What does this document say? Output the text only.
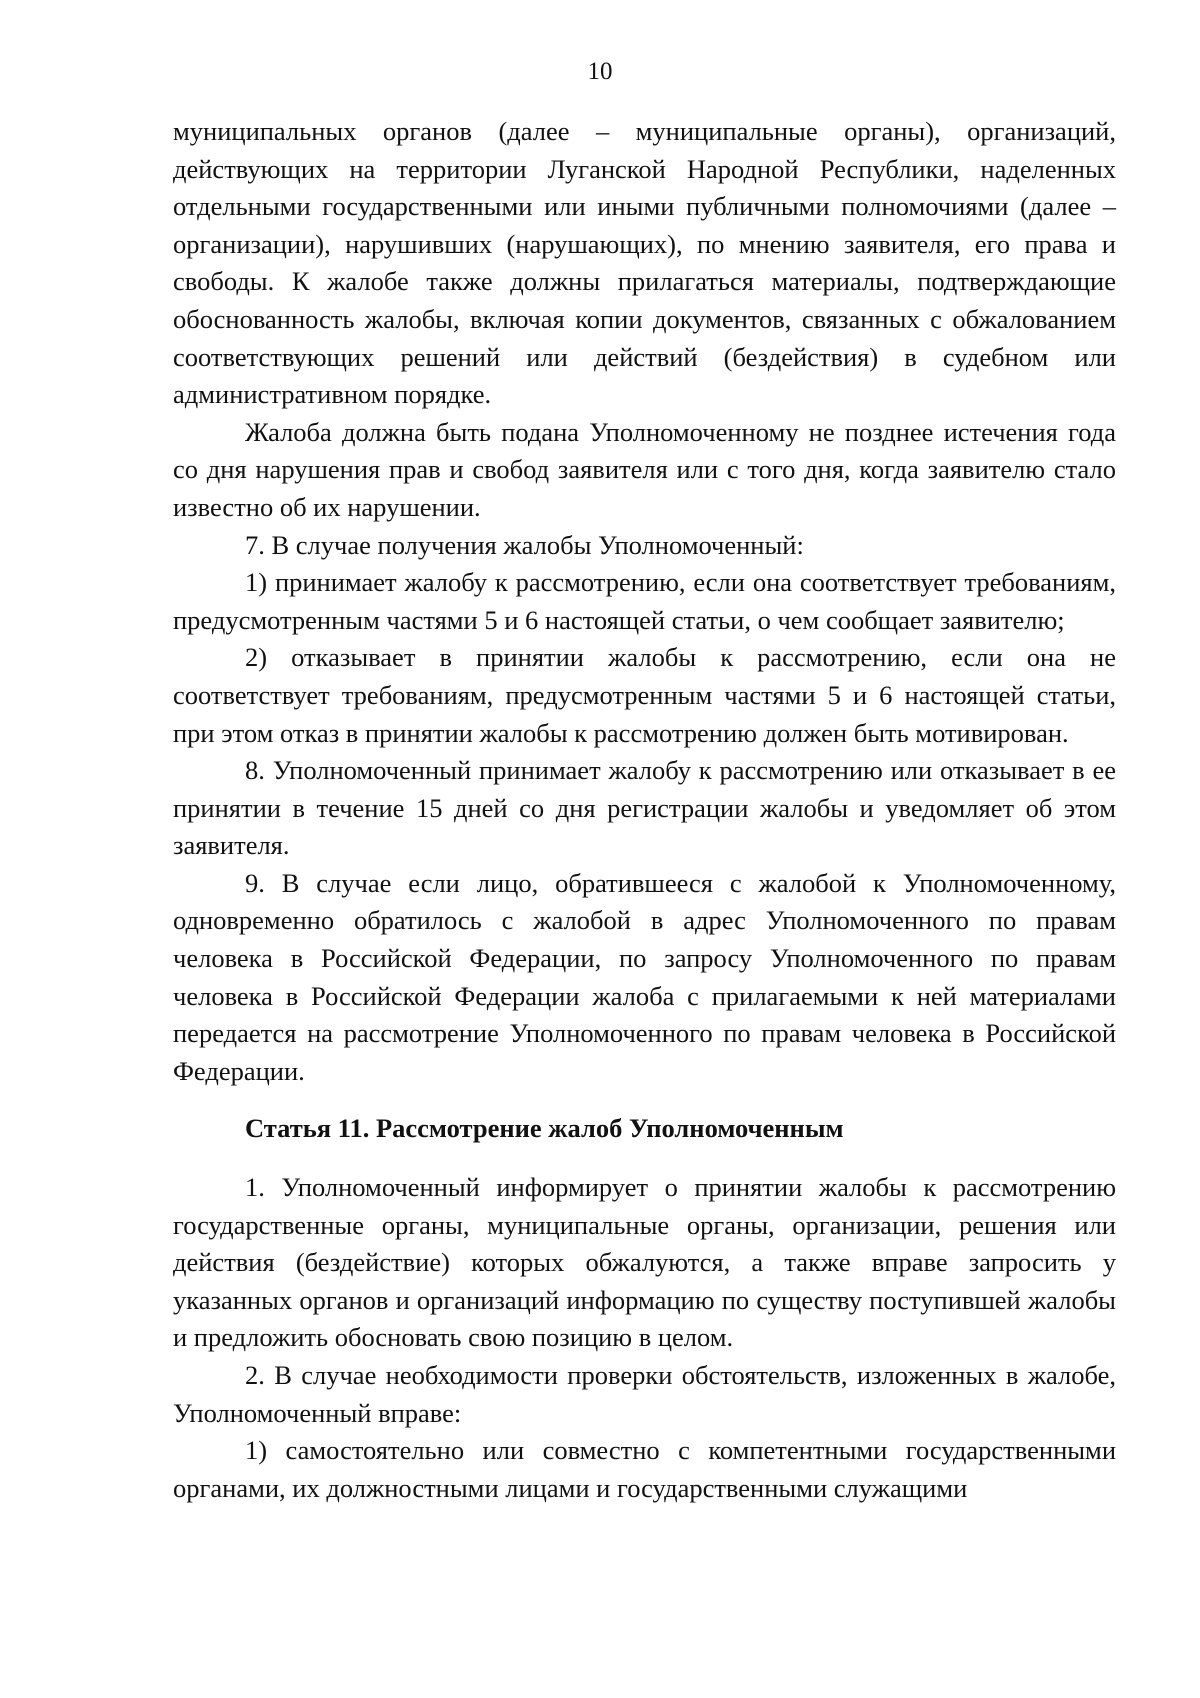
10

муниципальных органов (далее – муниципальные органы), организаций, действующих на территории Луганской Народной Республики, наделенных отдельными государственными или иными публичными полномочиями (далее – организации), нарушивших (нарушающих), по мнению заявителя, его права и свободы. К жалобе также должны прилагаться материалы, подтверждающие обоснованность жалобы, включая копии документов, связанных с обжалованием соответствующих решений или действий (бездействия) в судебном или административном порядке.

Жалоба должна быть подана Уполномоченному не позднее истечения года со дня нарушения прав и свобод заявителя или с того дня, когда заявителю стало известно об их нарушении.

7. В случае получения жалобы Уполномоченный:

1) принимает жалобу к рассмотрению, если она соответствует требованиям, предусмотренным частями 5 и 6 настоящей статьи, о чем сообщает заявителю;

2) отказывает в принятии жалобы к рассмотрению, если она не соответствует требованиям, предусмотренным частями 5 и 6 настоящей статьи, при этом отказ в принятии жалобы к рассмотрению должен быть мотивирован.

8. Уполномоченный принимает жалобу к рассмотрению или отказывает в ее принятии в течение 15 дней со дня регистрации жалобы и уведомляет об этом заявителя.

9. В случае если лицо, обратившееся с жалобой к Уполномоченному, одновременно обратилось с жалобой в адрес Уполномоченного по правам человека в Российской Федерации, по запросу Уполномоченного по правам человека в Российской Федерации жалоба с прилагаемыми к ней материалами передается на рассмотрение Уполномоченного по правам человека в Российской Федерации.

Статья 11. Рассмотрение жалоб Уполномоченным

1. Уполномоченный информирует о принятии жалобы к рассмотрению государственные органы, муниципальные органы, организации, решения или действия (бездействие) которых обжалуются, а также вправе запросить у указанных органов и организаций информацию по существу поступившей жалобы и предложить обосновать свою позицию в целом.

2. В случае необходимости проверки обстоятельств, изложенных в жалобе, Уполномоченный вправе:

1) самостоятельно или совместно с компетентными государственными органами, их должностными лицами и государственными служащими
